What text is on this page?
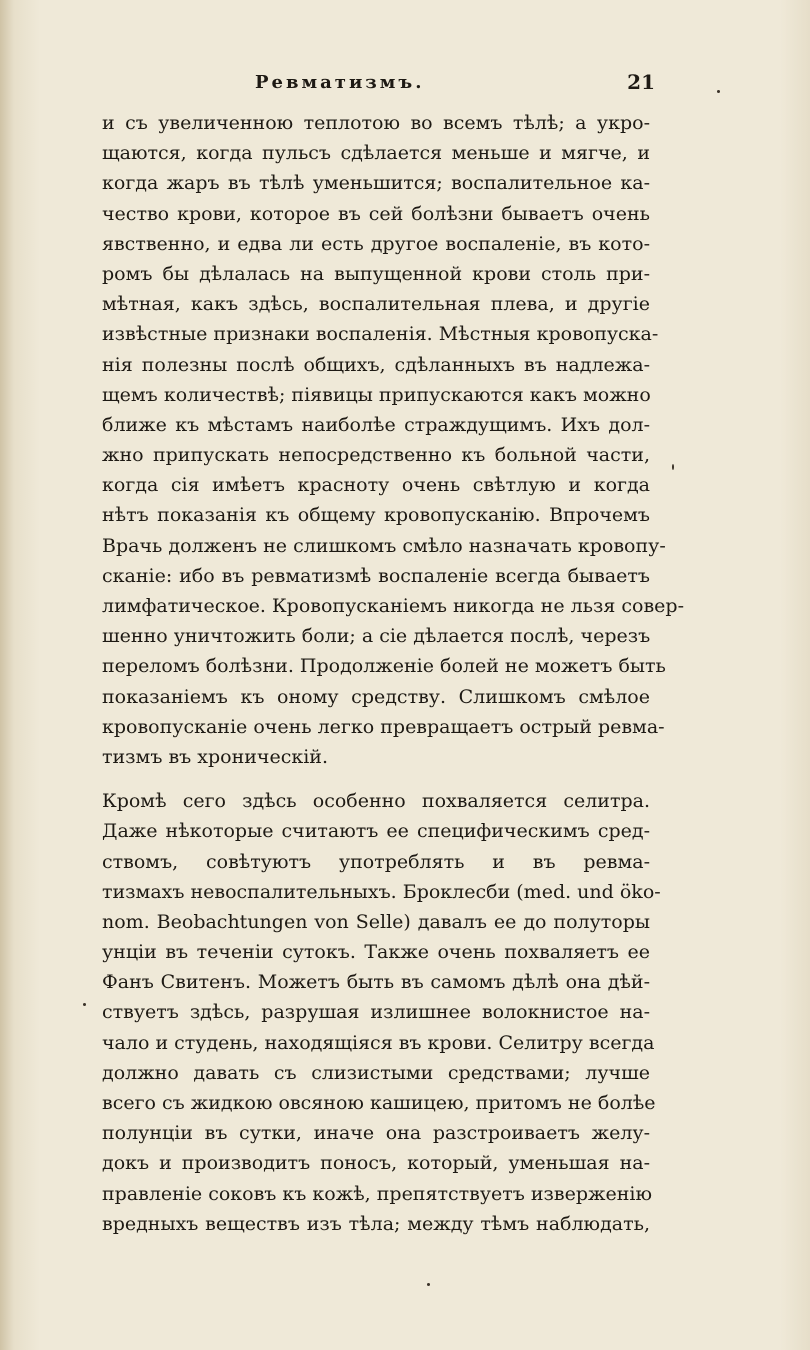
Ревматизмъ.	21
и съ увеличенною теплотою во всемъ тѣлѣ; а укро-
щаются, когда пульсъ сдѣлается меньше и мягче, и
когда жаръ въ тѣлѣ уменьшится; воспалительное ка-
чество крови, которое въ сей болѣзни бываетъ очень
явственно, и едва ли есть другое воспаленіе, въ кото-
ромъ бы дѣлалась на выпущенной крови столь при-
мѣтная, какъ здѣсь, воспалительная плева, и другіе
извѣстные признаки воспаленія. Мѣстныя кровопуска-
нія полезны послѣ общихъ, сдѣланныхъ въ надлежа-
щемъ количествѣ; піявицы припускаются какъ можно
ближе къ мѣстамъ наиболѣе страждущимъ. Ихъ дол-
жно припускать непосредственно къ больной части,
когда сія имѣетъ красноту очень свѣтлую и когда
нѣтъ показанія къ общему кровопусканію. Впрочемъ
Врачь долженъ не слишкомъ смѣло назначать кровопу-
сканіе: ибо въ ревматизмѣ воспаленіе всегда бываетъ
лимфатическое. Кровопусканіемъ никогда не льзя совер-
шенно уничтожить боли; а сіе дѣлается послѣ, черезъ
переломъ болѣзни. Продолженіе болей не можетъ быть
показаніемъ къ оному средству. Слишкомъ смѣлое
кровопусканіе очень легко превращаетъ острый ревма-
тизмъ въ хроническій.
Кромѣ сего здѣсь особенно похваляется селитра.
Даже нѣкоторые считаютъ ее специфическимъ сред-
ствомъ, совѣтуютъ употреблять и въ ревма-
тизмахъ невоспалительныхъ. Броклесби (med. und öko-
nom. Beobachtungen von Selle) давалъ ее до полуторы
унціи въ теченіи сутокъ. Также очень похваляетъ ее
Фанъ Свитенъ. Можетъ быть въ самомъ дѣлѣ она дѣй-
ствуетъ здѣсь, разрушая излишнее волокнистое на-
чало и студень, находящіяся въ крови. Селитру всегда
должно давать съ слизистыми средствами; лучше
всего съ жидкою овсяною кашицею, притомъ не болѣе
полунціи въ сутки, иначе она разстроиваетъ желу-
докъ и производитъ поносъ, который, уменьшая на-
правленіе соковъ къ кожѣ, препятствуетъ изверженію
вредныхъ веществъ изъ тѣла; между тѣмъ наблюдать,
